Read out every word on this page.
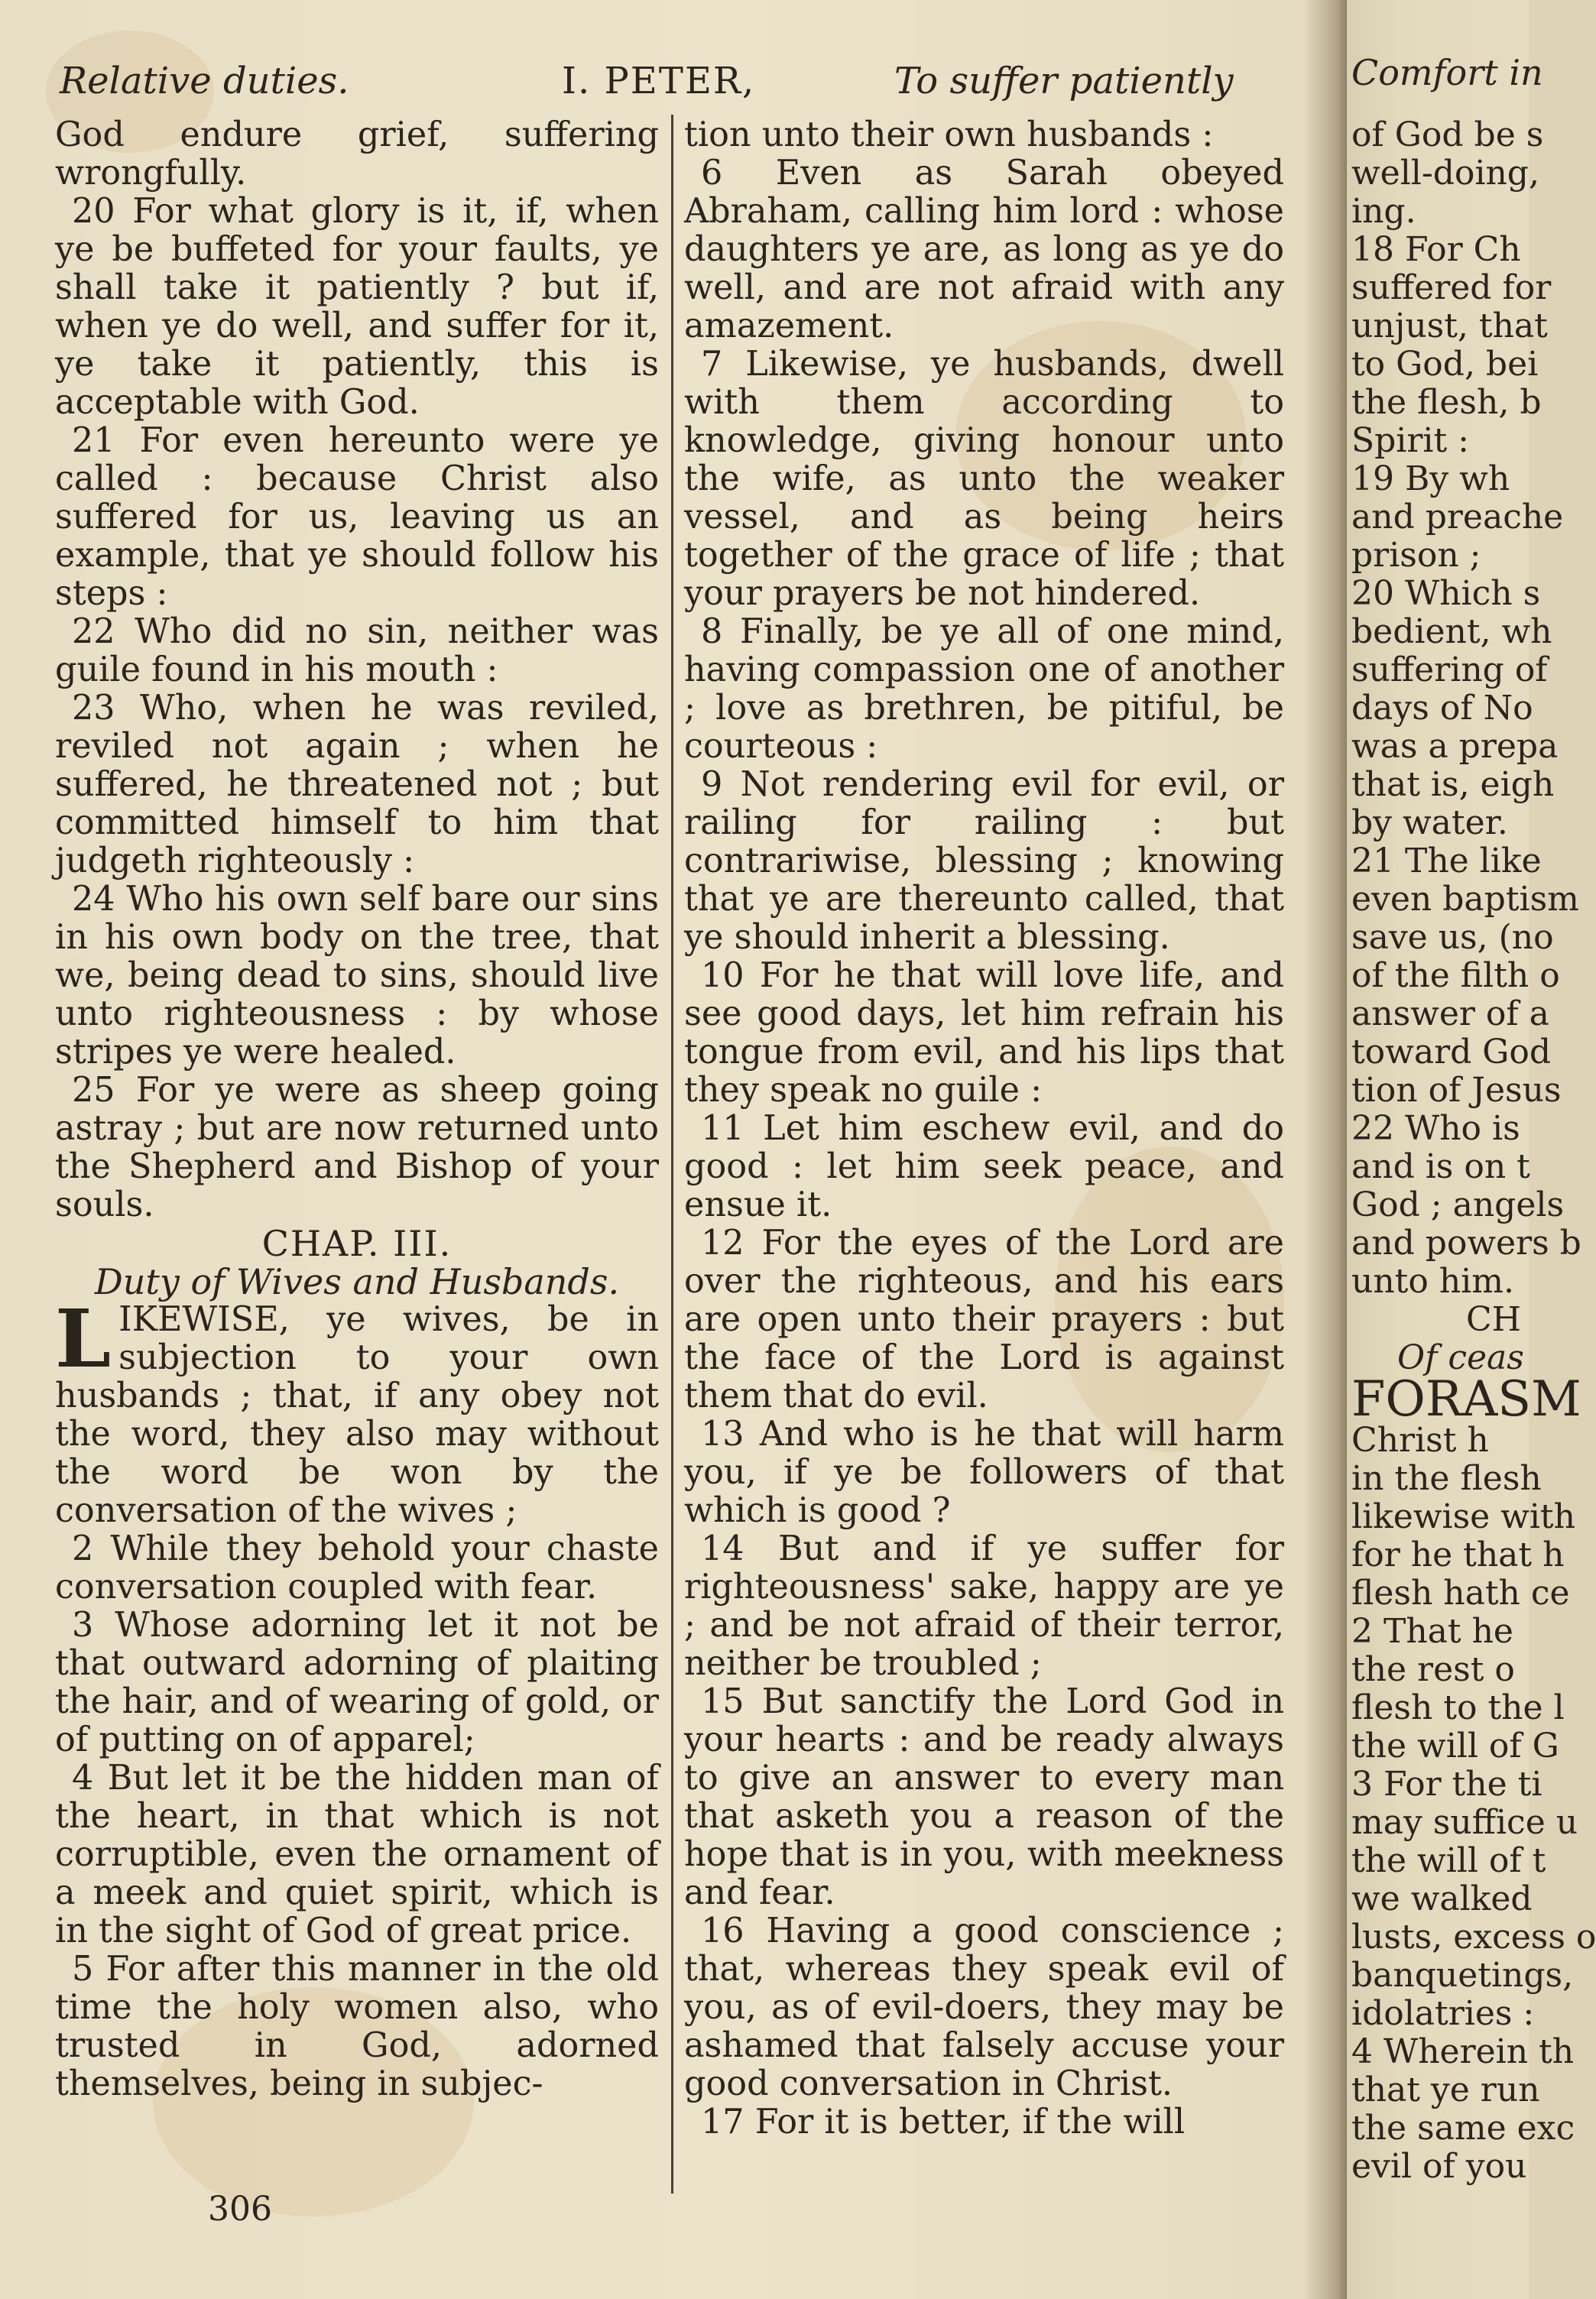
Relative duties.	I. PETER,	To suffer patiently	Comfort in

God endure grief, suffering wrongfully.

20 For what glory is it, if, when ye be buffeted for your faults, ye shall take it patiently ? but if, when ye do well, and suffer for it, ye take it patiently, this is acceptable with God.

21 For even hereunto were ye called : because Christ also suffered for us, leaving us an example, that ye should follow his steps :

22 Who did no sin, neither was guile found in his mouth :

23 Who, when he was reviled, reviled not again ; when he suffered, he threatened not ; but committed himself to him that judgeth righteously :

24 Who his own self bare our sins in his own body on the tree, that we, being dead to sins, should live unto righteousness : by whose stripes ye were healed.

25 For ye were as sheep going astray ; but are now returned unto the Shepherd and Bishop of your souls.

CHAP. III.

Duty of Wives and Husbands.

LIKEWISE, ye wives, be in subjection to your own husbands ; that, if any obey not the word, they also may without the word be won by the conversation of the wives ;

2 While they behold your chaste conversation coupled with fear.

3 Whose adorning let it not be that outward adorning of plaiting the hair, and of wearing of gold, or of putting on of apparel;

4 But let it be the hidden man of the heart, in that which is not corruptible, even the ornament of a meek and quiet spirit, which is in the sight of God of great price.

5 For after this manner in the old time the holy women also, who trusted in God, adorned themselves, being in subjec-

tion unto their own husbands :

6 Even as Sarah obeyed Abraham, calling him lord : whose daughters ye are, as long as ye do well, and are not afraid with any amazement.

7 Likewise, ye husbands, dwell with them according to knowledge, giving honour unto the wife, as unto the weaker vessel, and as being heirs together of the grace of life ; that your prayers be not hindered.

8 Finally, be ye all of one mind, having compassion one of another ; love as brethren, be pitiful, be courteous :

9 Not rendering evil for evil, or railing for railing : but contrariwise, blessing ; knowing that ye are thereunto called, that ye should inherit a blessing.

10 For he that will love life, and see good days, let him refrain his tongue from evil, and his lips that they speak no guile :

11 Let him eschew evil, and do good : let him seek peace, and ensue it.

12 For the eyes of the Lord are over the righteous, and his ears are open unto their prayers : but the face of the Lord is against them that do evil.

13 And who is he that will harm you, if ye be followers of that which is good ?

14 But and if ye suffer for righteousness' sake, happy are ye ; and be not afraid of their terror, neither be troubled ;

15 But sanctify the Lord God in your hearts : and be ready always to give an answer to every man that asketh you a reason of the hope that is in you, with meekness and fear.

16 Having a good conscience ; that, whereas they speak evil of you, as of evil-doers, they may be ashamed that falsely accuse your good conversation in Christ.

17 For it is better, if the will

306

of God be s

well-doing,

ing.

18 For Ch

suffered for

unjust, that

to God, bei

the flesh, b

Spirit :

19 By wh

and preache

prison ;

20 Which s

bedient, wh

suffering of

days of No

was a prepa

that is, eigh

by water.

21 The like

even baptism

save us, (no

of the filth o

answer of a

toward God

tion of Jesus

22 Who is

and is on t

God ; angels

and powers b

unto him.

CH

Of ceas

FORASM

Christ h

in the flesh

likewise with

for he that h

flesh hath ce

2 That he

the rest o

flesh to the l

the will of G

3 For the ti

may suffice u

the will of t

we walked

lusts, excess o

banquetings,

idolatries :

4 Wherein th

that ye run

the same exc

evil of you
